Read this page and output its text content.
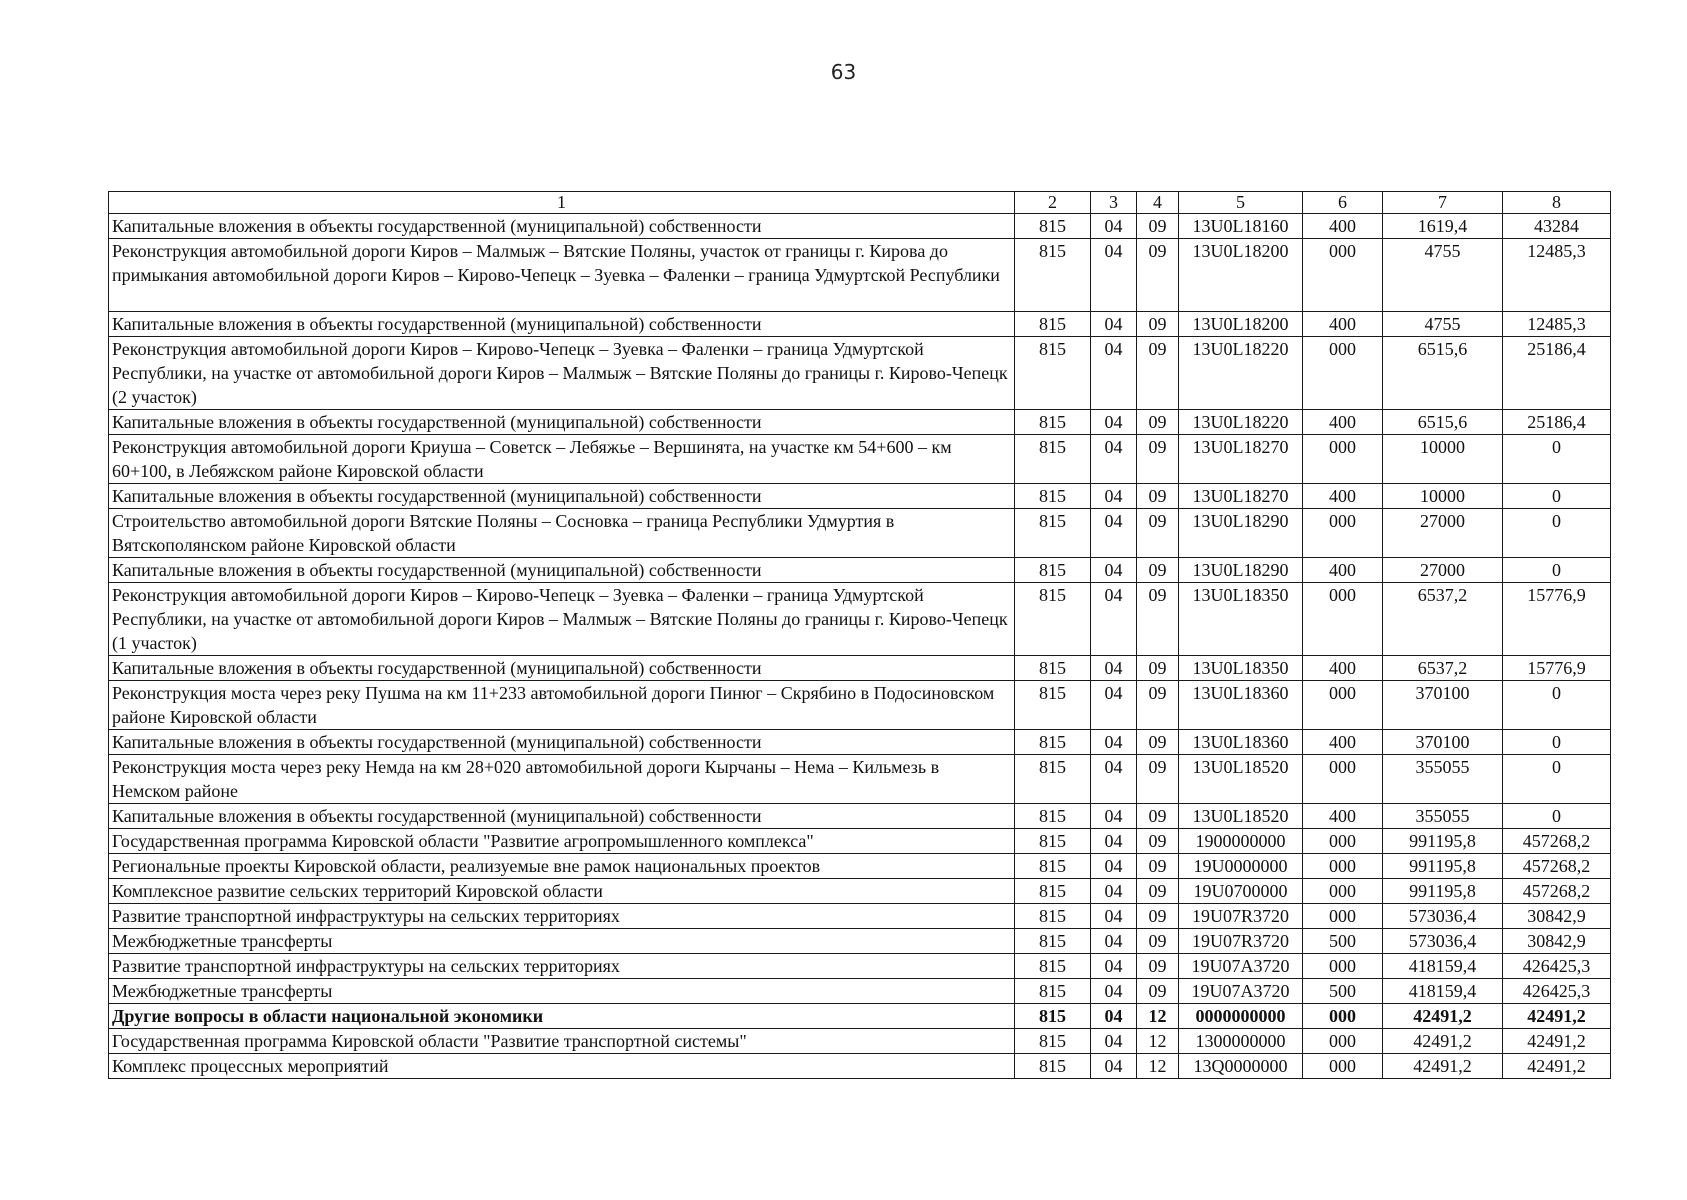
63
1	2	3	4	5	6	7	8
Капитальные вложения в объекты государственной (муниципальной) собственности	815	04	09	13U0L18160	400	1619,4	43284
Реконструкция автомобильной дороги Киров – Малмыж – Вятские Поляны, участок от границы г. Кирова до примыкания автомобильной дороги Киров – Кирово-Чепецк – Зуевка – Фаленки – граница Удмуртской Республики	815	04	09	13U0L18200	000	4755	12485,3
Капитальные вложения в объекты государственной (муниципальной) собственности	815	04	09	13U0L18200	400	4755	12485,3
Реконструкция автомобильной дороги Киров – Кирово-Чепецк – Зуевка – Фаленки – граница Удмуртской Республики, на участке от автомобильной дороги Киров – Малмыж – Вятские Поляны до границы г. Кирово-Чепецк (2 участок)	815	04	09	13U0L18220	000	6515,6	25186,4
Капитальные вложения в объекты государственной (муниципальной) собственности	815	04	09	13U0L18220	400	6515,6	25186,4
Реконструкция автомобильной дороги Криуша – Советск – Лебяжье – Вершинята, на участке км 54+600 – км 60+100, в Лебяжском районе Кировской области	815	04	09	13U0L18270	000	10000	0
Капитальные вложения в объекты государственной (муниципальной) собственности	815	04	09	13U0L18270	400	10000	0
Строительство автомобильной дороги Вятские Поляны – Сосновка – граница Республики Удмуртия в Вятскополянском районе Кировской области	815	04	09	13U0L18290	000	27000	0
Капитальные вложения в объекты государственной (муниципальной) собственности	815	04	09	13U0L18290	400	27000	0
Реконструкция автомобильной дороги Киров – Кирово-Чепецк – Зуевка – Фаленки – граница Удмуртской Республики, на участке от автомобильной дороги Киров – Малмыж – Вятские Поляны до границы г. Кирово-Чепецк (1 участок)	815	04	09	13U0L18350	000	6537,2	15776,9
Капитальные вложения в объекты государственной (муниципальной) собственности	815	04	09	13U0L18350	400	6537,2	15776,9
Реконструкция моста через реку Пушма на км 11+233 автомобильной дороги Пинюг – Скрябино в Подосиновском районе Кировской области	815	04	09	13U0L18360	000	370100	0
Капитальные вложения в объекты государственной (муниципальной) собственности	815	04	09	13U0L18360	400	370100	0
Реконструкция моста через реку Немда на км 28+020 автомобильной дороги Кырчаны – Нема – Кильмезь в Немском районе	815	04	09	13U0L18520	000	355055	0
Капитальные вложения в объекты государственной (муниципальной) собственности	815	04	09	13U0L18520	400	355055	0
Государственная программа Кировской области "Развитие агропромышленного комплекса"	815	04	09	1900000000	000	991195,8	457268,2
Региональные проекты Кировской области, реализуемые вне рамок национальных проектов	815	04	09	19U0000000	000	991195,8	457268,2
Комплексное развитие сельских территорий Кировской области	815	04	09	19U0700000	000	991195,8	457268,2
Развитие транспортной инфраструктуры на сельских территориях	815	04	09	19U07R3720	000	573036,4	30842,9
Межбюджетные трансферты	815	04	09	19U07R3720	500	573036,4	30842,9
Развитие транспортной инфраструктуры на сельских территориях	815	04	09	19U07A3720	000	418159,4	426425,3
Межбюджетные трансферты	815	04	09	19U07A3720	500	418159,4	426425,3
Другие вопросы в области национальной экономики	815	04	12	0000000000	000	42491,2	42491,2
Государственная программа Кировской области "Развитие транспортной системы"	815	04	12	1300000000	000	42491,2	42491,2
Комплекс процессных мероприятий	815	04	12	13Q0000000	000	42491,2	42491,2
